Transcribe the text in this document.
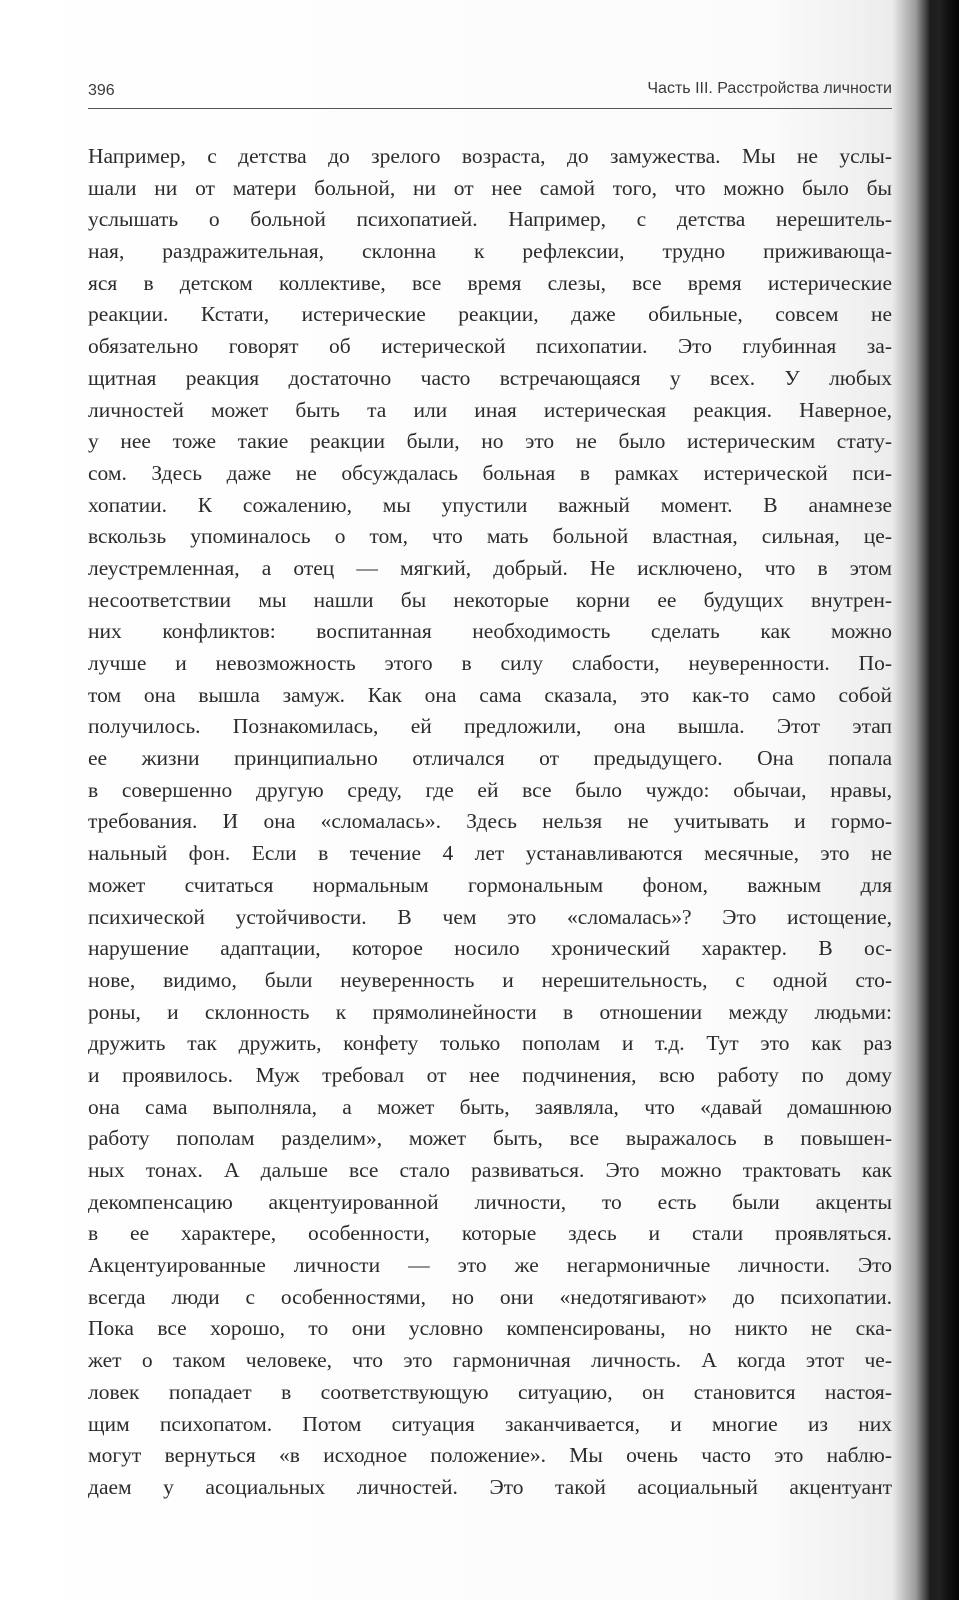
396	Часть III. Расстройства личности
Например, с детства до зрелого возраста, до замужества. Мы не услы-
шали ни от матери больной, ни от нее самой того, что можно было бы
услышать о больной психопатией. Например, с детства нерешитель-
ная, раздражительная, склонна к рефлексии, трудно приживающа-
яся в детском коллективе, все время слезы, все время истерические
реакции. Кстати, истерические реакции, даже обильные, совсем не
обязательно говорят об истерической психопатии. Это глубинная за-
щитная реакция достаточно часто встречающаяся у всех. У любых
личностей может быть та или иная истерическая реакция. Наверное,
у нее тоже такие реакции были, но это не было истерическим стату-
сом. Здесь даже не обсуждалась больная в рамках истерической пси-
хопатии. К сожалению, мы упустили важный момент. В анамнезе
вскользь упоминалось о том, что мать больной властная, сильная, це-
леустремленная, а отец — мягкий, добрый. Не исключено, что в этом
несоответствии мы нашли бы некоторые корни ее будущих внутрен-
них конфликтов: воспитанная необходимость сделать как можно
лучше и невозможность этого в силу слабости, неуверенности. По-
том она вышла замуж. Как она сама сказала, это как-то само собой
получилось. Познакомилась, ей предложили, она вышла. Этот этап
ее жизни принципиально отличался от предыдущего. Она попала
в совершенно другую среду, где ей все было чуждо: обычаи, нравы,
требования. И она «сломалась». Здесь нельзя не учитывать и гормо-
нальный фон. Если в течение 4 лет устанавливаются месячные, это не
может считаться нормальным гормональным фоном, важным для
психической устойчивости. В чем это «сломалась»? Это истощение,
нарушение адаптации, которое носило хронический характер. В ос-
нове, видимо, были неуверенность и нерешительность, с одной сто-
роны, и склонность к прямолинейности в отношении между людьми:
дружить так дружить, конфету только пополам и т.д. Тут это как раз
и проявилось. Муж требовал от нее подчинения, всю работу по дому
она сама выполняла, а может быть, заявляла, что «давай домашнюю
работу пополам разделим», может быть, все выражалось в повышен-
ных тонах. А дальше все стало развиваться. Это можно трактовать как
декомпенсацию акцентуированной личности, то есть были акценты
в ее характере, особенности, которые здесь и стали проявляться.
Акцентуированные личности — это же негармоничные личности. Это
всегда люди с особенностями, но они «недотягивают» до психопатии.
Пока все хорошо, то они условно компенсированы, но никто не ска-
жет о таком человеке, что это гармоничная личность. А когда этот че-
ловек попадает в соответствующую ситуацию, он становится настоя-
щим психопатом. Потом ситуация заканчивается, и многие из них
могут вернуться «в исходное положение». Мы очень часто это наблю-
даем у асоциальных личностей. Это такой асоциальный акцентуант
